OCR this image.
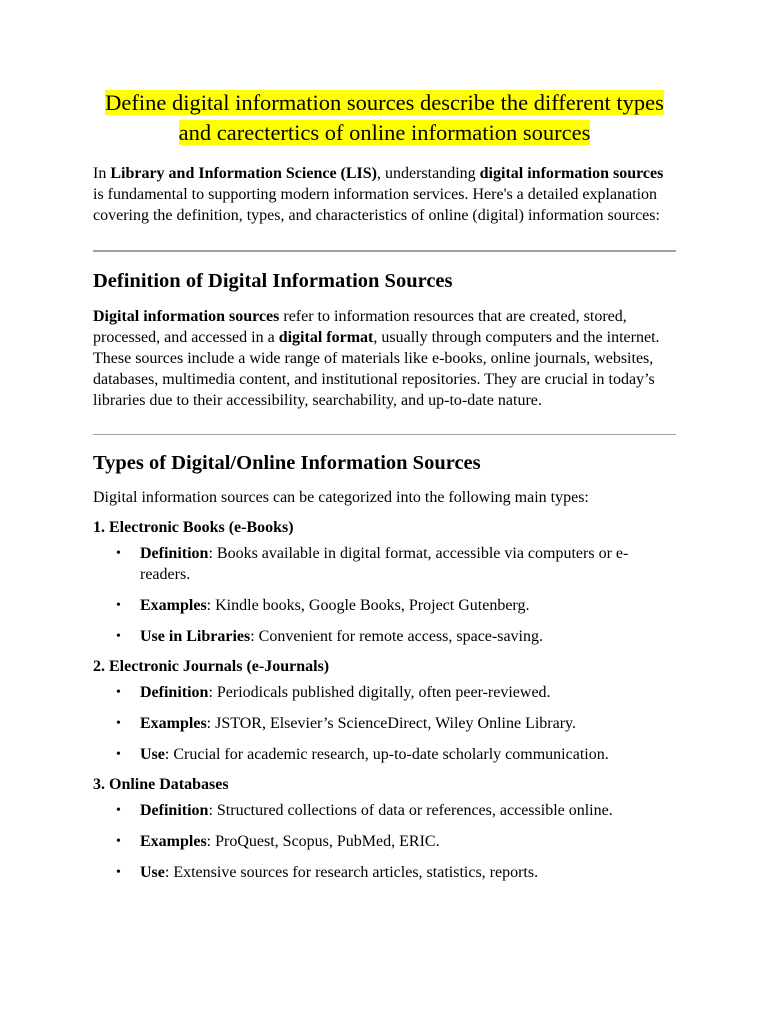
Define digital information sources describe the different types and carectertics of online information sources

In Library and Information Science (LIS), understanding digital information sources is fundamental to supporting modern information services. Here's a detailed explanation covering the definition, types, and characteristics of online (digital) information sources:

Definition of Digital Information Sources

Digital information sources refer to information resources that are created, stored, processed, and accessed in a digital format, usually through computers and the internet. These sources include a wide range of materials like e-books, online journals, websites, databases, multimedia content, and institutional repositories. They are crucial in today’s libraries due to their accessibility, searchability, and up-to-date nature.

Types of Digital/Online Information Sources

Digital information sources can be categorized into the following main types:

1. Electronic Books (e-Books)
• Definition: Books available in digital format, accessible via computers or e-readers.
• Examples: Kindle books, Google Books, Project Gutenberg.
• Use in Libraries: Convenient for remote access, space-saving.
2. Electronic Journals (e-Journals)
• Definition: Periodicals published digitally, often peer-reviewed.
• Examples: JSTOR, Elsevier’s ScienceDirect, Wiley Online Library.
• Use: Crucial for academic research, up-to-date scholarly communication.
3. Online Databases
• Definition: Structured collections of data or references, accessible online.
• Examples: ProQuest, Scopus, PubMed, ERIC.
• Use: Extensive sources for research articles, statistics, reports.
